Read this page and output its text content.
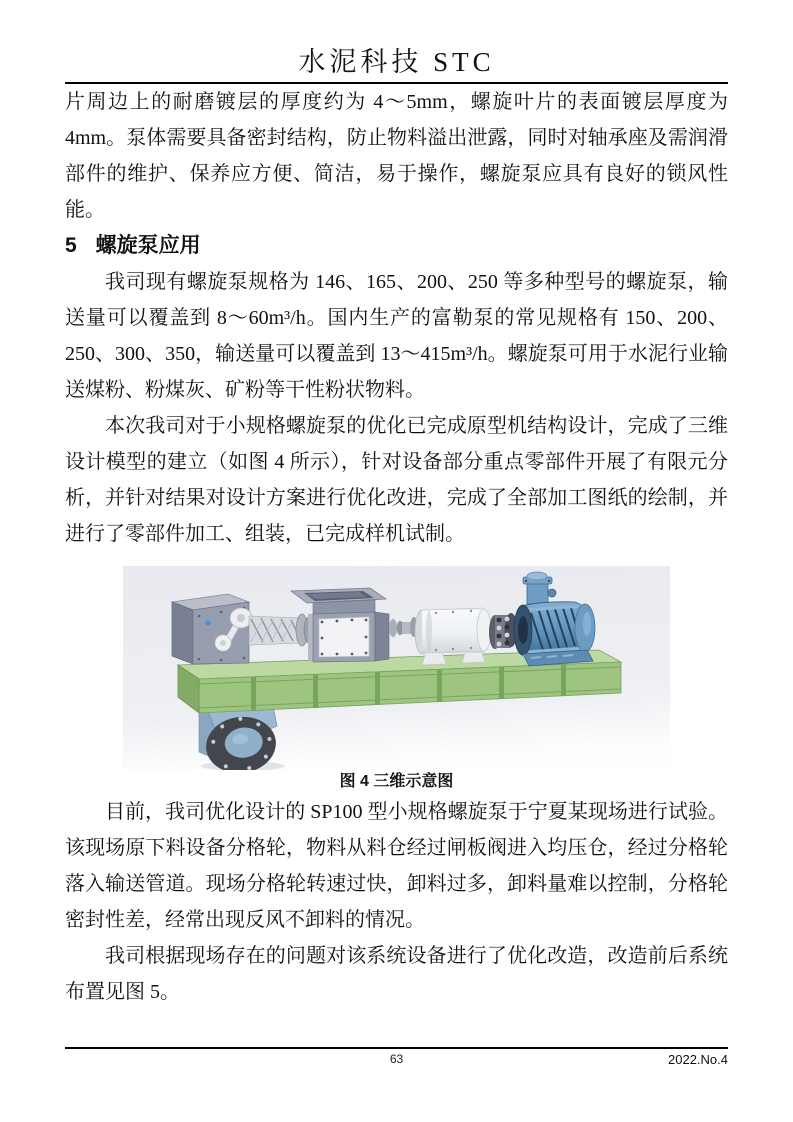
水泥科技 STC

片周边上的耐磨镀层的厚度约为 4～5mm，螺旋叶片的表面镀层厚度为 4mm。泵体需要具备密封结构，防止物料溢出泄露，同时对轴承座及需润滑部件的维护、保养应方便、简洁，易于操作，螺旋泵应具有良好的锁风性能。

5 螺旋泵应用

我司现有螺旋泵规格为 146、165、200、250 等多种型号的螺旋泵，输送量可以覆盖到 8～60m³/h。国内生产的富勒泵的常见规格有 150、200、250、300、350，输送量可以覆盖到 13～415m³/h。螺旋泵可用于水泥行业输送煤粉、粉煤灰、矿粉等干性粉状物料。

本次我司对于小规格螺旋泵的优化已完成原型机结构设计，完成了三维设计模型的建立（如图 4 所示），针对设备部分重点零部件开展了有限元分析，并针对结果对设计方案进行优化改进，完成了全部加工图纸的绘制，并进行了零部件加工、组装，已完成样机试制。

图 4 三维示意图

目前，我司优化设计的 SP100 型小规格螺旋泵于宁夏某现场进行试验。该现场原下料设备分格轮，物料从料仓经过闸板阀进入均压仓，经过分格轮落入输送管道。现场分格轮转速过快，卸料过多，卸料量难以控制，分格轮密封性差，经常出现反风不卸料的情况。

我司根据现场存在的问题对该系统设备进行了优化改造，改造前后系统布置见图 5。

63	2022.No.4
